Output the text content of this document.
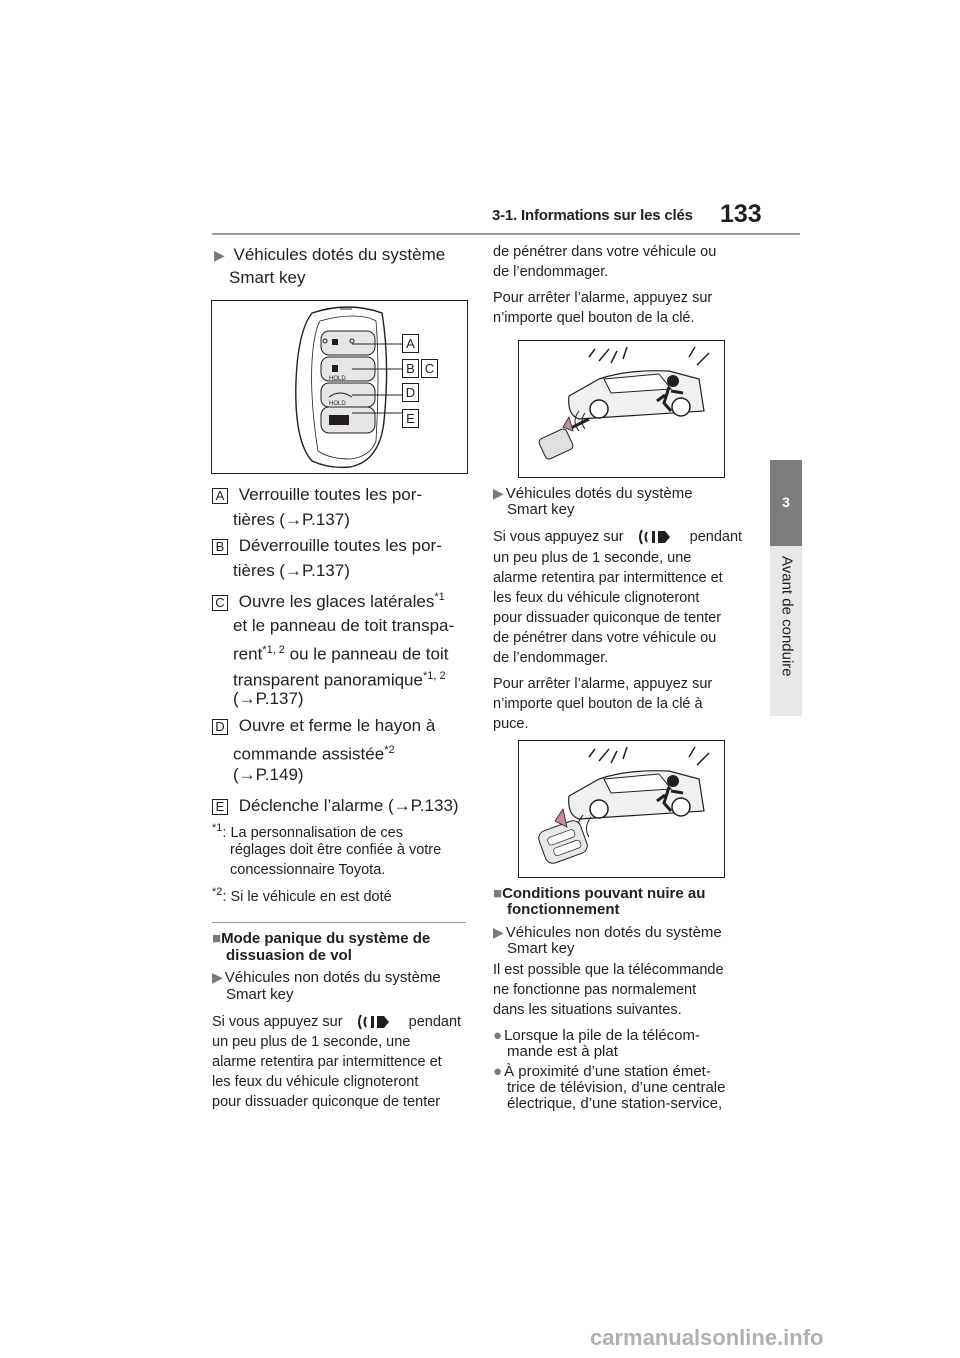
3-1. Informations sur les clés 133
3
Avant de conduire
▶ Véhicules dotés du système
Smart key
HOLD
HOLD
A
B C
D
E
A Verrouille toutes les por-
tières (→P.137)
B Déverrouille toutes les por-
tières (→P.137)
C Ouvre les glaces latérales$^{*1}$
et le panneau de toit transpa-
rent$^{*1, 2}$ ou le panneau de toit
transparent panoramique$^{*1, 2}$
(→P.137)
D Ouvre et ferme le hayon à
commande assistée$^{*2}$
(→P.149)
E Déclenche l’alarme (→P.133)
$^{*1}$: La personnalisation de ces
réglages doit être confiée à votre
concessionnaire Toyota.
$^{*2}$: Si le véhicule en est doté
■Mode panique du système de
dissuasion de vol
▶ Véhicules non dotés du système
Smart key
Si vous appuyez sur	pendant
un peu plus de 1 seconde, une
alarme retentira par intermittence et
les feux du véhicule clignoteront
pour dissuader quiconque de tenter
de pénétrer dans votre véhicule ou
de l’endommager.
Pour arrêter l’alarme, appuyez sur
n’importe quel bouton de la clé.
▶ Véhicules dotés du système
Smart key
Si vous appuyez sur	pendant
un peu plus de 1 seconde, une
alarme retentira par intermittence et
les feux du véhicule clignoteront
pour dissuader quiconque de tenter
de pénétrer dans votre véhicule ou
de l’endommager.
Pour arrêter l’alarme, appuyez sur
n’importe quel bouton de la clé à
puce.
■Conditions pouvant nuire au
fonctionnement
▶ Véhicules non dotés du système
Smart key
Il est possible que la télécommande
ne fonctionne pas normalement
dans les situations suivantes.
● Lorsque la pile de la télécom-
mande est à plat
● À proximité d’une station émet-
trice de télévision, d’une centrale
électrique, d’une station-service,
carmanualsonline.info
